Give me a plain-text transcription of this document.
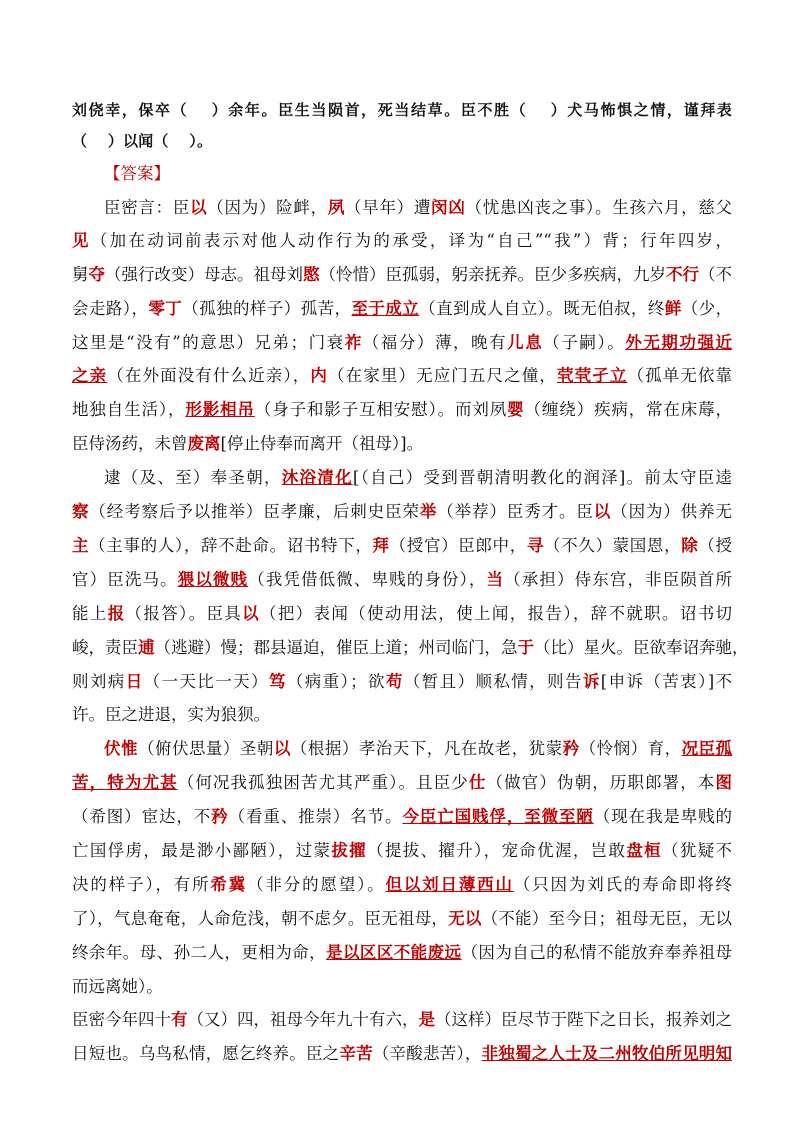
刘侥幸，保卒（　 ）余年。臣生当陨首，死当结草。臣不胜（　 ）犬马怖惧之情，谨拜表
（　 ）以闻（　 ）。
【答案】
臣密言：臣以（因为）险衅，夙（早年）遭闵凶（忧患凶丧之事）。生孩六月，慈父
见（加在动词前表示对他人动作行为的承受，译为“自己”“我”）背；行年四岁，
舅夺（强行改变）母志。祖母刘愍（怜惜）臣孤弱，躬亲抚养。臣少多疾病，九岁不行（不
会走路），零丁（孤独的样子）孤苦，至于成立（直到成人自立）。既无伯叔，终鲜（少，
这里是“没有”的意思）兄弟；门衰祚（福分）薄，晚有儿息（子嗣）。外无期功强近
之亲（在外面没有什么近亲），内（在家里）无应门五尺之僮，茕茕孑立（孤单无依靠
地独自生活），形影相吊（身子和影子互相安慰）。而刘夙婴（缠绕）疾病，常在床蓐，
臣侍汤药，未曾废离[停止侍奉而离开（祖母）]。
逮（及、至）奉圣朝，沐浴清化[（自己）受到晋朝清明教化的润泽]。前太守臣逵
察（经考察后予以推举）臣孝廉，后刺史臣荣举（举荐）臣秀才。臣以（因为）供养无
主（主事的人），辞不赴命。诏书特下，拜（授官）臣郎中，寻（不久）蒙国恩，除（授
官）臣洗马。猥以微贱（我凭借低微、卑贱的身份），当（承担）侍东宫，非臣陨首所
能上报（报答）。臣具以（把）表闻（使动用法，使上闻，报告），辞不就职。诏书切
峻，责臣逋（逃避）慢；郡县逼迫，催臣上道；州司临门，急于（比）星火。臣欲奉诏奔驰，
则刘病日（一天比一天）笃（病重）；欲苟（暂且）顺私情，则告诉[申诉（苦衷）]不
许。臣之进退，实为狼狈。
伏惟（俯伏思量）圣朝以（根据）孝治天下，凡在故老，犹蒙矜（怜悯）育，况臣孤
苦，特为尤甚（何况我孤独困苦尤其严重）。且臣少仕（做官）伪朝，历职郎署，本图
（希图）宦达，不矜（看重、推崇）名节。今臣亡国贱俘，至微至陋（现在我是卑贱的
亡国俘虏，最是渺小鄙陋），过蒙拔擢（提拔、擢升），宠命优渥，岂敢盘桓（犹疑不
决的样子），有所希冀（非分的愿望）。但以刘日薄西山（只因为刘氏的寿命即将终
了），气息奄奄，人命危浅，朝不虑夕。臣无祖母，无以（不能）至今日；祖母无臣，无以
终余年。母、孙二人，更相为命，是以区区不能废远（因为自己的私情不能放弃奉养祖母
而远离她）。
臣密今年四十有（又）四，祖母今年九十有六，是（这样）臣尽节于陛下之日长，报养刘之
日短也。乌鸟私情，愿乞终养。臣之辛苦（辛酸悲苦），非独蜀之人士及二州牧伯所见明知
